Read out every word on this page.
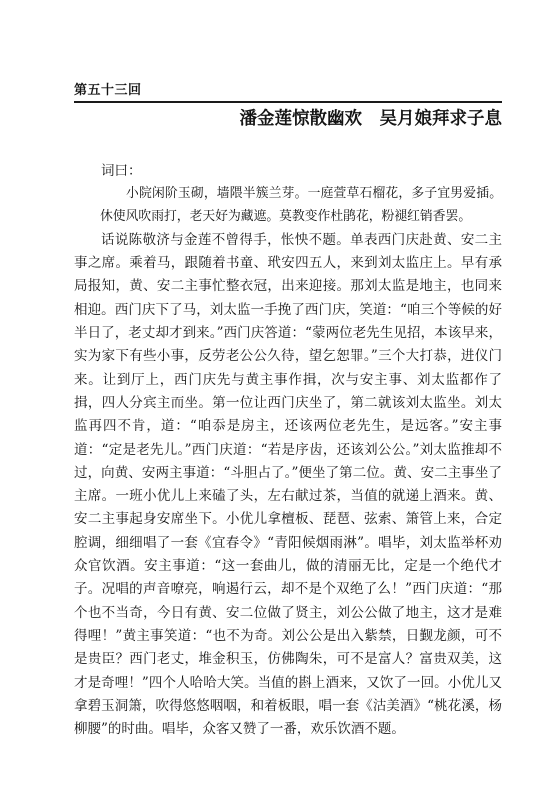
第五十三回
潘金莲惊散幽欢　吴月娘拜求子息

词曰：

小院闲阶玉砌，墙隈半簇兰芽。一庭萱草石榴花，多子宜男爱插。休使风吹雨打，老天好为藏遮。莫教变作杜鹃花，粉褪红销香罢。

话说陈敬济与金莲不曾得手，怅怏不题。单表西门庆赴黄、安二主事之席。乘着马，跟随着书童、玳安四五人，来到刘太监庄上。早有承局报知，黄、安二主事忙整衣冠，出来迎接。那刘太监是地主，也同来相迎。西门庆下了马，刘太监一手挽了西门庆，笑道：“咱三个等候的好半日了，老丈却才到来。”西门庆答道：“蒙两位老先生见招，本该早来，实为家下有些小事，反劳老公公久待，望乞恕罪。”三个大打恭，进仪门来。让到厅上，西门庆先与黄主事作揖，次与安主事、刘太监都作了揖，四人分宾主而坐。第一位让西门庆坐了，第二就该刘太监坐。刘太监再四不肯，道：“咱忝是房主，还该两位老先生，是远客。”安主事道：“定是老先儿。”西门庆道：“若是序齿，还该刘公公。”刘太监推却不过，向黄、安两主事道：“斗胆占了。”便坐了第二位。黄、安二主事坐了主席。一班小优儿上来磕了头，左右献过茶，当值的就递上酒来。黄、安二主事起身安席坐下。小优儿拿檀板、琵琶、弦索、箫管上来，合定腔调，细细唱了一套《宜春令》“青阳候烟雨淋”。唱毕，刘太监举杯劝众官饮酒。安主事道：“这一套曲儿，做的清丽无比，定是一个绝代才子。况唱的声音嘹亮，响遏行云，却不是个双绝了么！”西门庆道：“那个也不当奇，今日有黄、安二位做了贤主，刘公公做了地主，这才是难得哩！”黄主事笑道：“也不为奇。刘公公是出入紫禁，日觐龙颜，可不是贵臣？西门老丈，堆金积玉，仿佛陶朱，可不是富人？富贵双美，这才是奇哩！”四个人哈哈大笑。当值的斟上酒来，又饮了一回。小优儿又拿碧玉洞箫，吹得悠悠咽咽，和着板眼，唱一套《沽美酒》“桃花溪，杨柳腰”的时曲。唱毕，众客又赞了一番，欢乐饮酒不题。
